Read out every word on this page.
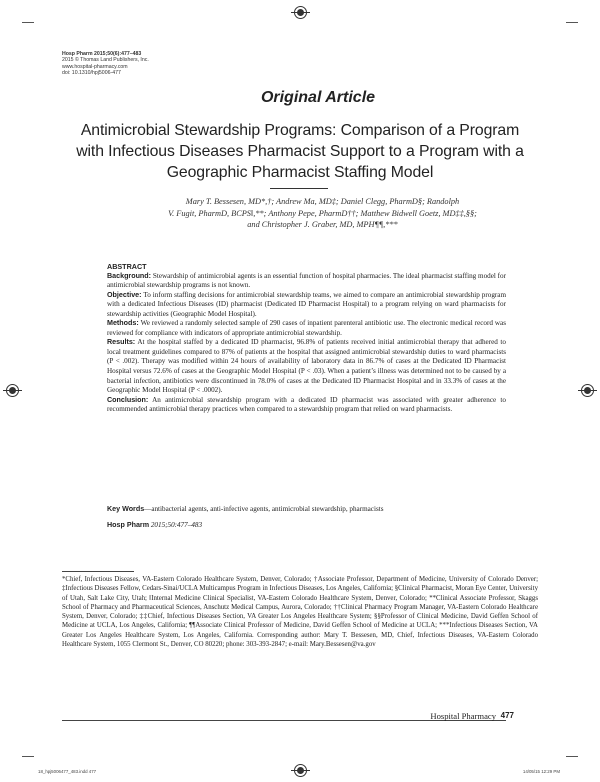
Hosp Pharm 2015;50(6):477–483
2015 © Thomas Land Publishers, Inc.
www.hospital-pharmacy.com
doi: 10.1310/hpj5006-477
Original Article
Antimicrobial Stewardship Programs: Comparison of a Program with Infectious Diseases Pharmacist Support to a Program with a Geographic Pharmacist Staffing Model
Mary T. Bessesen, MD*,†; Andrew Ma, MD‡; Daniel Clegg, PharmD§; Randolph
V. Fugit, PharmD, BCPS‖,**; Anthony Pepe, PharmD††; Matthew Bidwell Goetz, MD‡‡,§§;
and Christopher J. Graber, MD, MPH¶¶,***
ABSTRACT

Background: Stewardship of antimicrobial agents is an essential function of hospital pharmacies. The ideal pharmacist staffing model for antimicrobial stewardship programs is not known.

Objective: To inform staffing decisions for antimicrobial stewardship teams, we aimed to compare an antimicrobial stewardship program with a dedicated Infectious Diseases (ID) pharmacist (Dedicated ID Pharmacist Hospital) to a program relying on ward pharmacists for stewardship activities (Geographic Model Hospital).

Methods: We reviewed a randomly selected sample of 290 cases of inpatient parenteral antibiotic use. The electronic medical record was reviewed for compliance with indicators of appropriate antimicrobial stewardship.

Results: At the hospital staffed by a dedicated ID pharmacist, 96.8% of patients received initial antimicrobial therapy that adhered to local treatment guidelines compared to 87% of patients at the hospital that assigned antimicrobial stewardship duties to ward pharmacists (P < .002). Therapy was modified within 24 hours of availability of laboratory data in 86.7% of cases at the Dedicated ID Pharmacist Hospital versus 72.6% of cases at the Geographic Model Hospital (P < .03). When a patient’s illness was determined not to be caused by a bacterial infection, antibiotics were discontinued in 78.0% of cases at the Dedicated ID Pharmacist Hospital and in 33.3% of cases at the Geographic Model Hospital (P < .0002).

Conclusion: An antimicrobial stewardship program with a dedicated ID pharmacist was associated with greater adherence to recommended antimicrobial therapy practices when compared to a stewardship program that relied on ward pharmacists.

Key Words—antibacterial agents, anti-infective agents, antimicrobial stewardship, pharmacists
Hosp Pharm 2015;50:477–483
*Chief, Infectious Diseases, VA-Eastern Colorado Healthcare System, Denver, Colorado; †Associate Professor, Department of Medicine, University of Colorado Denver; ‡Infectious Diseases Fellow, Cedars-Sinai/UCLA Multicampus Program in Infectious Diseases, Los Angeles, California; §Clinical Pharmacist, Moran Eye Center, University of Utah, Salt Lake City, Utah; ‖Internal Medicine Clinical Specialist, VA-Eastern Colorado Healthcare System, Denver, Colorado; **Clinical Associate Professor, Skaggs School of Pharmacy and Pharmaceutical Sciences, Anschutz Medical Campus, Aurora, Colorado; ††Clinical Pharmacy Program Manager, VA-Eastern Colorado Healthcare System, Denver, Colorado; ‡‡Chief, Infectious Diseases Section, VA Greater Los Angeles Healthcare System; §§Professor of Clinical Medicine, David Geffen School of Medicine at UCLA, Los Angeles, California; ¶¶Associate Clinical Professor of Medicine, David Geffen School of Medicine at UCLA; ***Infectious Diseases Section, VA Greater Los Angeles Healthcare System, Los Angeles, California. Corresponding author: Mary T. Bessesen, MD, Chief, Infectious Diseases, VA-Eastern Colorado Healthcare System, 1055 Clermont St., Denver, CO 80220; phone: 303-393-2847; e-mail: Mary.Bessesen@va.gov
Hospital Pharmacy 477
18_hpj5006477_483.indd 477	14/05/15 12:29 PM
